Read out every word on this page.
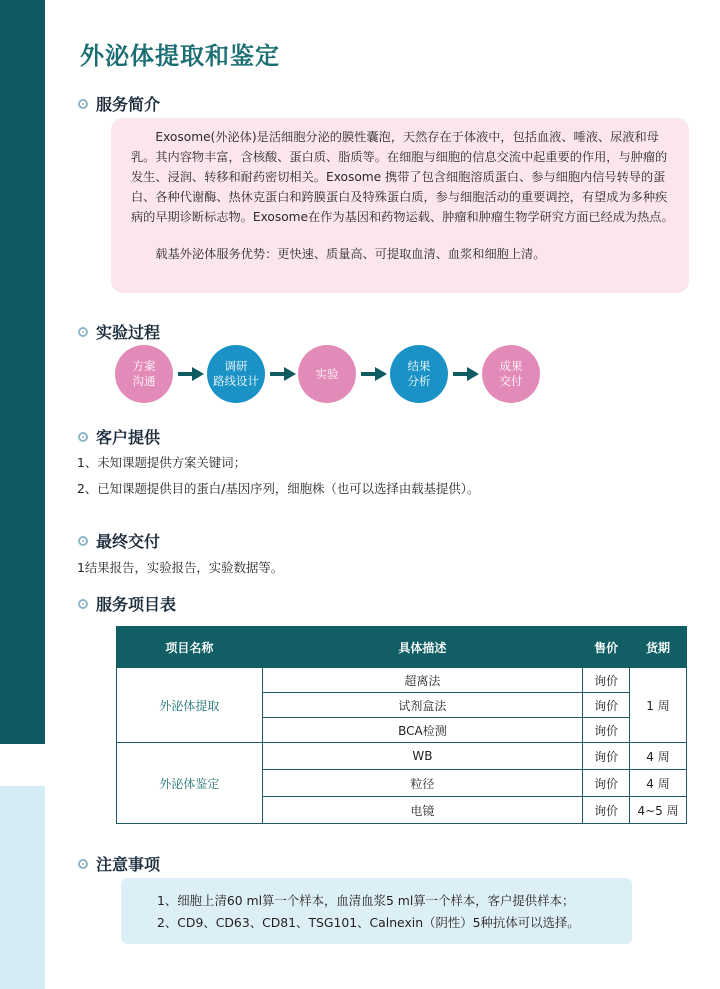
外泌体提取和鉴定
服务简介

Exosome(外泌体)是活细胞分泌的膜性囊泡，天然存在于体液中，包括血液、唾液、尿液和母乳。其内容物丰富，含核酸、蛋白质、脂质等。在细胞与细胞的信息交流中起重要的作用，与肿瘤的发生、浸润、转移和耐药密切相关。Exosome 携带了包含细胞溶质蛋白、参与细胞内信号转导的蛋白、各种代谢酶、热休克蛋白和跨膜蛋白及特殊蛋白质，参与细胞活动的重要调控，有望成为多种疾病的早期诊断标志物。Exosome在作为基因和药物运载、肿瘤和肿瘤生物学研究方面已经成为热点。

载基外泌体服务优势：更快速、质量高、可提取血清、血浆和细胞上清。

实验过程
方案
沟通
调研
路线设计
实验
结果
分析
成果
交付
客户提供
1、未知课题提供方案关键词；
2、已知课题提供目的蛋白/基因序列，细胞株（也可以选择由载基提供）。
最终交付
1结果报告，实验报告，实验数据等。
服务项目表
项目名称	具体描述	售价	货期
外泌体提取	超离法	询价	1 周
	试剂盒法	询价	
	BCA检测	询价	
外泌体鉴定	WB	询价	4 周
	粒径	询价	4 周
	电镜	询价	4~5 周
注意事项
1、细胞上清60 ml算一个样本，血清血浆5 ml算一个样本，客户提供样本；
2、CD9、CD63、CD81、TSG101、Calnexin（阴性）5种抗体可以选择。
